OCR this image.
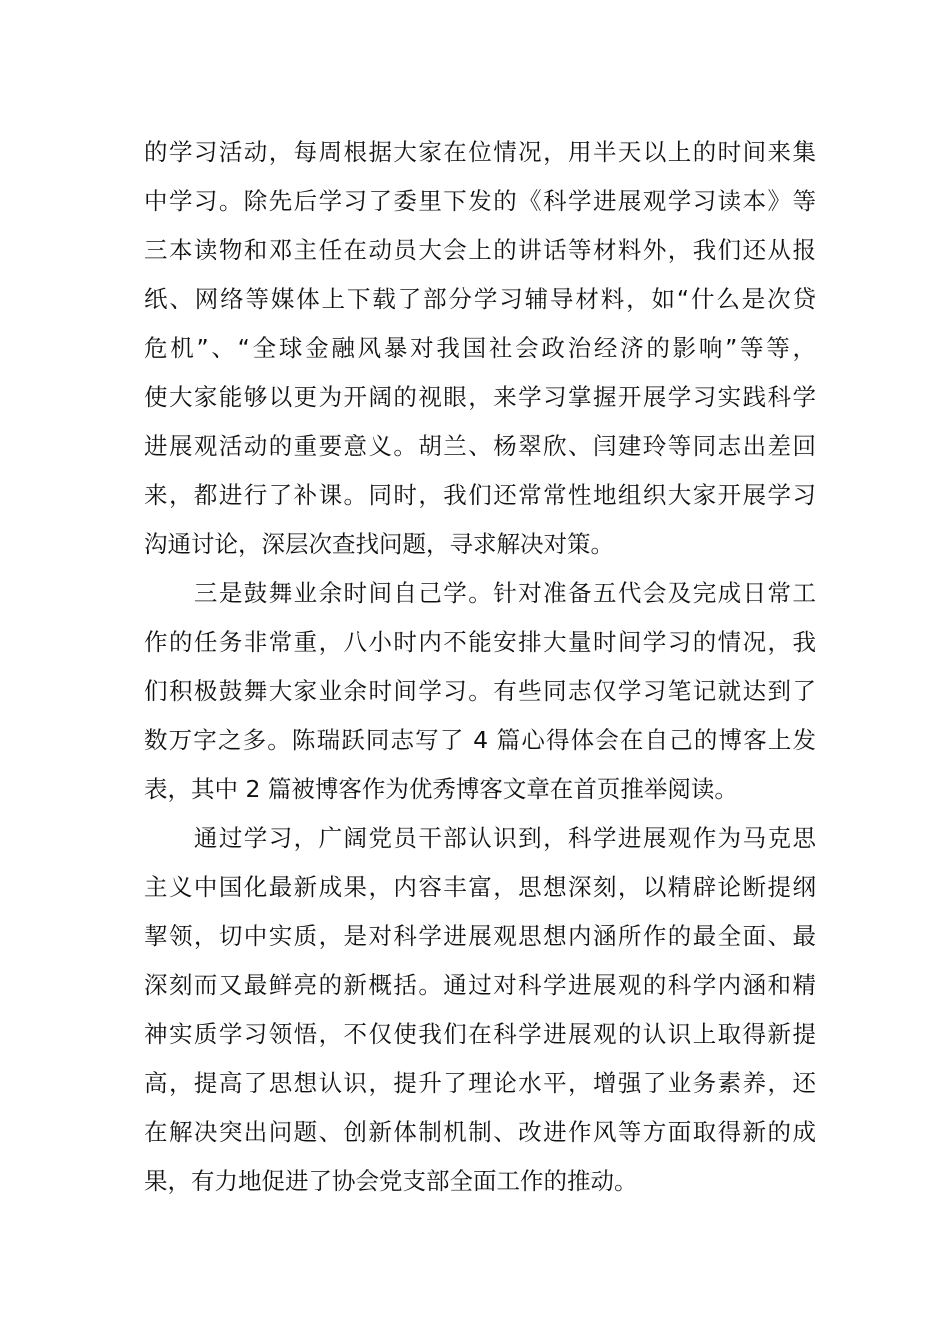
的学习活动，每周根据大家在位情况，用半天以上的时间来集
中学习。除先后学习了委里下发的《科学进展观学习读本》等
三本读物和邓主任在动员大会上的讲话等材料外，我们还从报
纸、网络等媒体上下载了部分学习辅导材料，如“什么是次贷
危机”、“全球金融风暴对我国社会政治经济的影响”等等，
使大家能够以更为开阔的视眼，来学习掌握开展学习实践科学
进展观活动的重要意义。胡兰、杨翠欣、闫建玲等同志出差回
来，都进行了补课。同时，我们还常常性地组织大家开展学习
沟通讨论，深层次查找问题，寻求解决对策。
　　三是鼓舞业余时间自己学。针对准备五代会及完成日常工
作的任务非常重，八小时内不能安排大量时间学习的情况，我
们积极鼓舞大家业余时间学习。有些同志仅学习笔记就达到了
数万字之多。陈瑞跃同志写了 4 篇心得体会在自己的博客上发
表，其中 2 篇被博客作为优秀博客文章在首页推举阅读。
　　通过学习，广阔党员干部认识到，科学进展观作为马克思
主义中国化最新成果，内容丰富，思想深刻，以精辟论断提纲
挈领，切中实质，是对科学进展观思想内涵所作的最全面、最
深刻而又最鲜亮的新概括。通过对科学进展观的科学内涵和精
神实质学习领悟，不仅使我们在科学进展观的认识上取得新提
高，提高了思想认识，提升了理论水平，增强了业务素养，还
在解决突出问题、创新体制机制、改进作风等方面取得新的成
果，有力地促进了协会党支部全面工作的推动。
